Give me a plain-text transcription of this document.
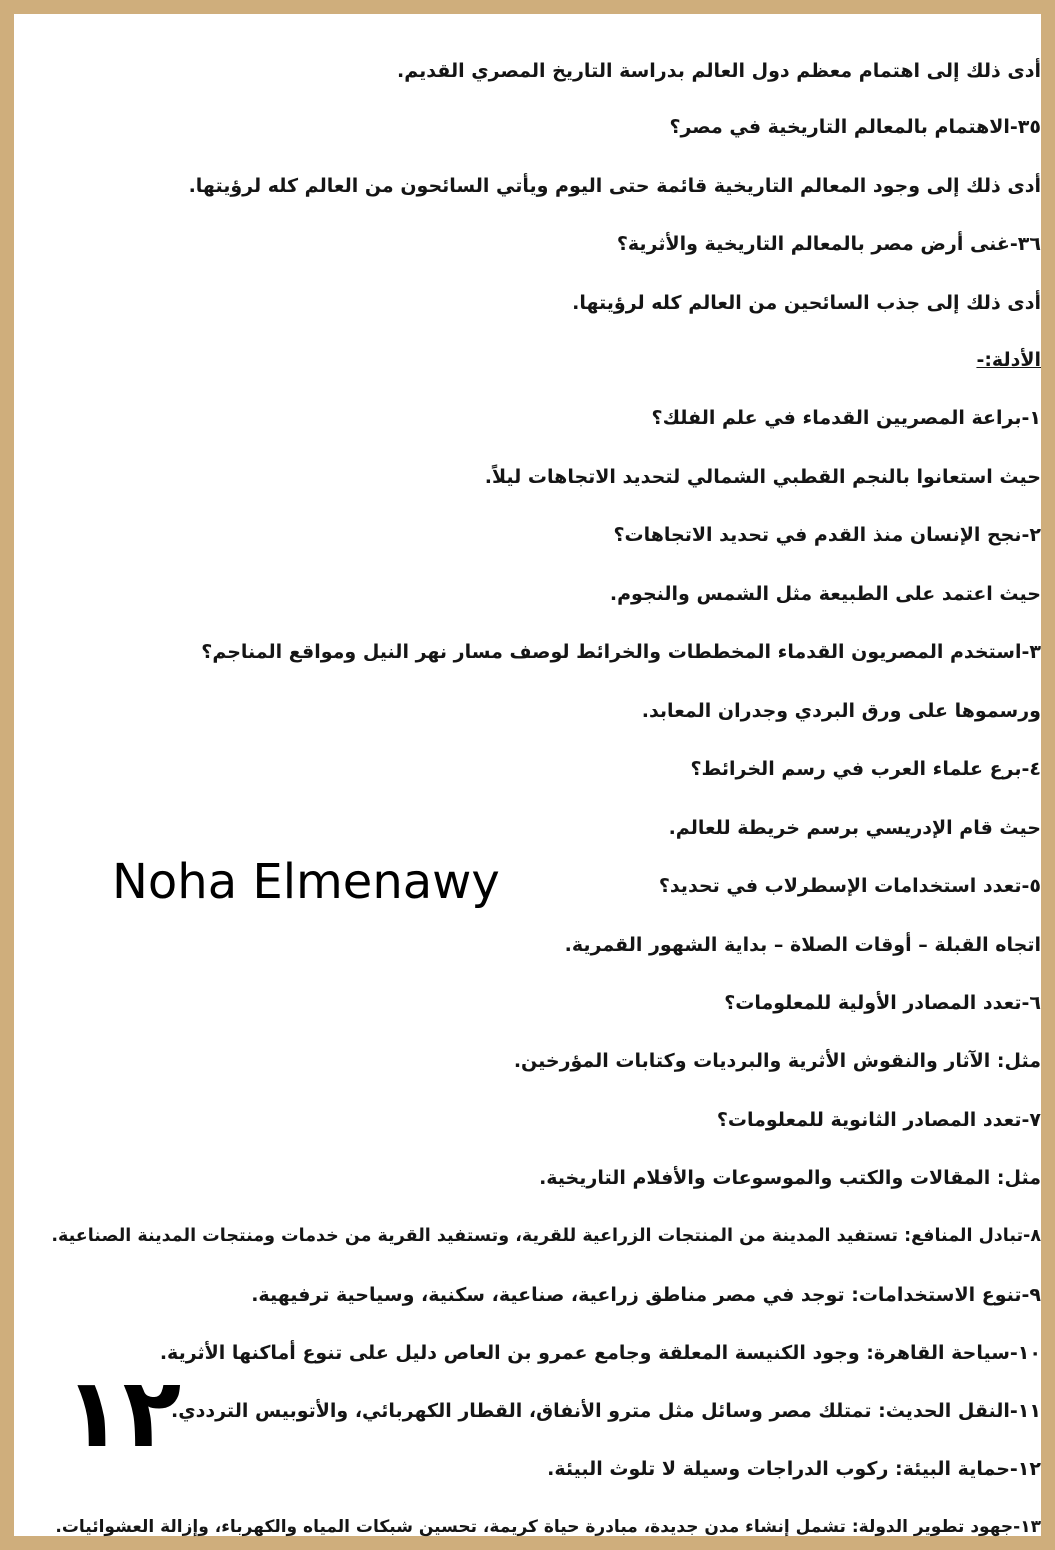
أدى ذلك إلى اهتمام معظم دول العالم بدراسة التاريخ المصري القديم.
٣٥-الاهتمام بالمعالم التاريخية في مصر؟
أدى ذلك إلى وجود المعالم التاريخية قائمة حتى اليوم ويأتي السائحون من العالم كله لرؤيتها.
٣٦-غنى أرض مصر بالمعالم التاريخية والأثرية؟
أدى ذلك إلى جذب السائحين من العالم كله لرؤيتها.
الأدلة:-
١-براعة المصريين القدماء في علم الفلك؟
حيث استعانوا بالنجم القطبي الشمالي لتحديد الاتجاهات ليلاً.
٢-نجح الإنسان منذ القدم في تحديد الاتجاهات؟
حيث اعتمد على الطبيعة مثل الشمس والنجوم.
٣-استخدم المصريون القدماء المخططات والخرائط لوصف مسار نهر النيل ومواقع المناجم؟
ورسموها على ورق البردي وجدران المعابد.
٤-برع علماء العرب في رسم الخرائط؟
حيث قام الإدريسي برسم خريطة للعالم.
٥-تعدد استخدامات الإسطرلاب في تحديد؟
اتجاه القبلة – أوقات الصلاة – بداية الشهور القمرية.
٦-تعدد المصادر الأولية للمعلومات؟
مثل: الآثار والنقوش الأثرية والبرديات وكتابات المؤرخين.
٧-تعدد المصادر الثانوية للمعلومات؟
مثل: المقالات والكتب والموسوعات والأفلام التاريخية.
٨-تبادل المنافع: تستفيد المدينة من المنتجات الزراعية للقرية، وتستفيد القرية من خدمات ومنتجات المدينة الصناعية.
٩-تنوع الاستخدامات: توجد في مصر مناطق زراعية، صناعية، سكنية، وسياحية ترفيهية.
١٠-سياحة القاهرة: وجود الكنيسة المعلقة وجامع عمرو بن العاص دليل على تنوع أماكنها الأثرية.
١١-النقل الحديث: تمتلك مصر وسائل مثل مترو الأنفاق، القطار الكهربائي، والأتوبيس الترددي.
١٢-حماية البيئة: ركوب الدراجات وسيلة لا تلوث البيئة.
١٣-جهود تطوير الدولة: تشمل إنشاء مدن جديدة، مبادرة حياة كريمة، تحسين شبكات المياه والكهرباء، وإزالة العشوائيات.
Noha Elmenawy
١٢
